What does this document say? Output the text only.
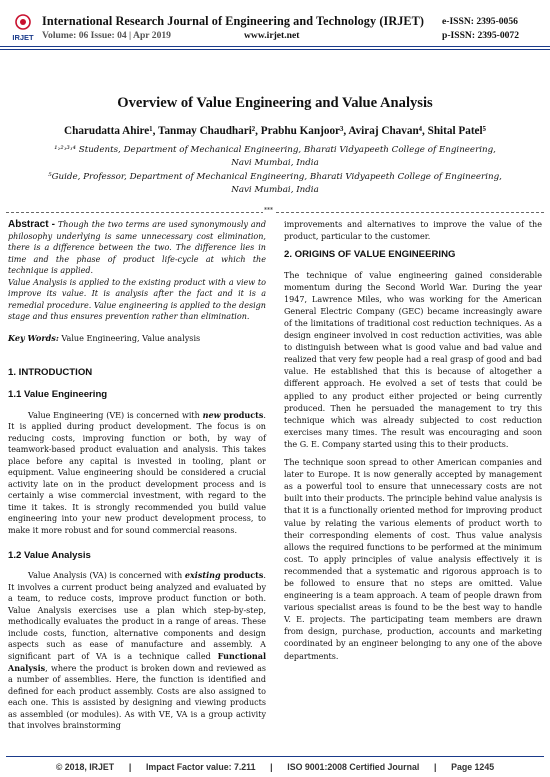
IRJET
International Research Journal of Engineering and Technology (IRJET) e-ISSN: 2395-0056
Volume: 06 Issue: 04 | Apr 2019	www.irjet.net	p-ISSN: 2395-0072
Overview of Value Engineering and Value Analysis
Charudatta Ahire¹, Tanmay Chaudhari², Prabhu Kanjoor³, Aviraj Chavan⁴, Shital Patel⁵
¹˒²˒³˒⁴ Students, Department of Mechanical Engineering, Bharati Vidyapeeth College of Engineering,
Navi Mumbai, India
⁵Guide, Professor, Department of Mechanical Engineering, Bharati Vidyapeeth College of Engineering,
Navi Mumbai, India
***

Abstract - Though the two terms are used synonymously and philosophy underlying is same unnecessary cost elimination, there is a difference between the two. The difference lies in time and the phase of product life-cycle at which the technique is applied.

Value Analysis is applied to the existing product with a view to improve its value. It is analysis after the fact and it is a remedial procedure. Value engineering is applied to the design stage and thus ensures prevention rather than elimination.

Key Words: Value Engineering, Value analysis

1. INTRODUCTION
1.1 Value Engineering

Value Engineering (VE) is concerned with new products. It is applied during product development. The focus is on reducing costs, improving function or both, by way of teamwork-based product evaluation and analysis. This takes place before any capital is invested in tooling, plant or equipment. Value engineering should be considered a crucial activity late on in the product development process and is certainly a wise commercial investment, with regard to the time it takes. It is strongly recommended you build value engineering into your new product development process, to make it more robust and for sound commercial reasons.

1.2 Value Analysis

Value Analysis (VA) is concerned with existing products. It involves a current product being analyzed and evaluated by a team, to reduce costs, improve product function or both. Value Analysis exercises use a plan which step-by-step, methodically evaluates the product in a range of areas. These include costs, function, alternative components and design aspects such as ease of manufacture and assembly. A significant part of VA is a technique called Functional Analysis, where the product is broken down and reviewed as a number of assemblies. Here, the function is identified and defined for each product assembly. Costs are also assigned to each one. This is assisted by designing and viewing products as assembled (or modules). As with VE, VA is a group activity that involves brainstorming

improvements and alternatives to improve the value of the product, particular to the customer.

2. ORIGINS OF VALUE ENGINEERING

The technique of value engineering gained considerable momentum during the Second World War. During the year 1947, Lawrence Miles, who was working for the American General Electric Company (GEC) became increasingly aware of the limitations of traditional cost reduction techniques. As a design engineer involved in cost reduction activities, was able to distinguish between what is good value and bad value and realized that very few people had a real grasp of good and bad value. He established that this is because of altogether a different approach. He evolved a set of tests that could be applied to any product either projected or being currently produced. Then he persuaded the management to try this technique which was already subjected to cost reduction exercises many times. The result was encouraging and soon the G. E. Company started using this to their products.

The technique soon spread to other American companies and later to Europe. It is now generally accepted by management as a powerful tool to ensure that unnecessary costs are not built into their products. The principle behind value analysis is that it is a functionally oriented method for improving product value by relating the various elements of product worth to their corresponding elements of cost. Thus value analysis allows the required functions to be performed at the minimum cost. To apply principles of value analysis effectively it is recommended that a systematic and rigorous approach is to be followed to ensure that no steps are omitted. Value engineering is a team approach. A team of people drawn from various specialist areas is found to be the best way to handle V. E. projects. The participating team members are drawn from design, purchase, production, accounts and marketing coordinated by an engineer belonging to any one of the above departments.

© 2018, IRJET      |      Impact Factor value: 7.211      |      ISO 9001:2008 Certified Journal      |      Page 1245
